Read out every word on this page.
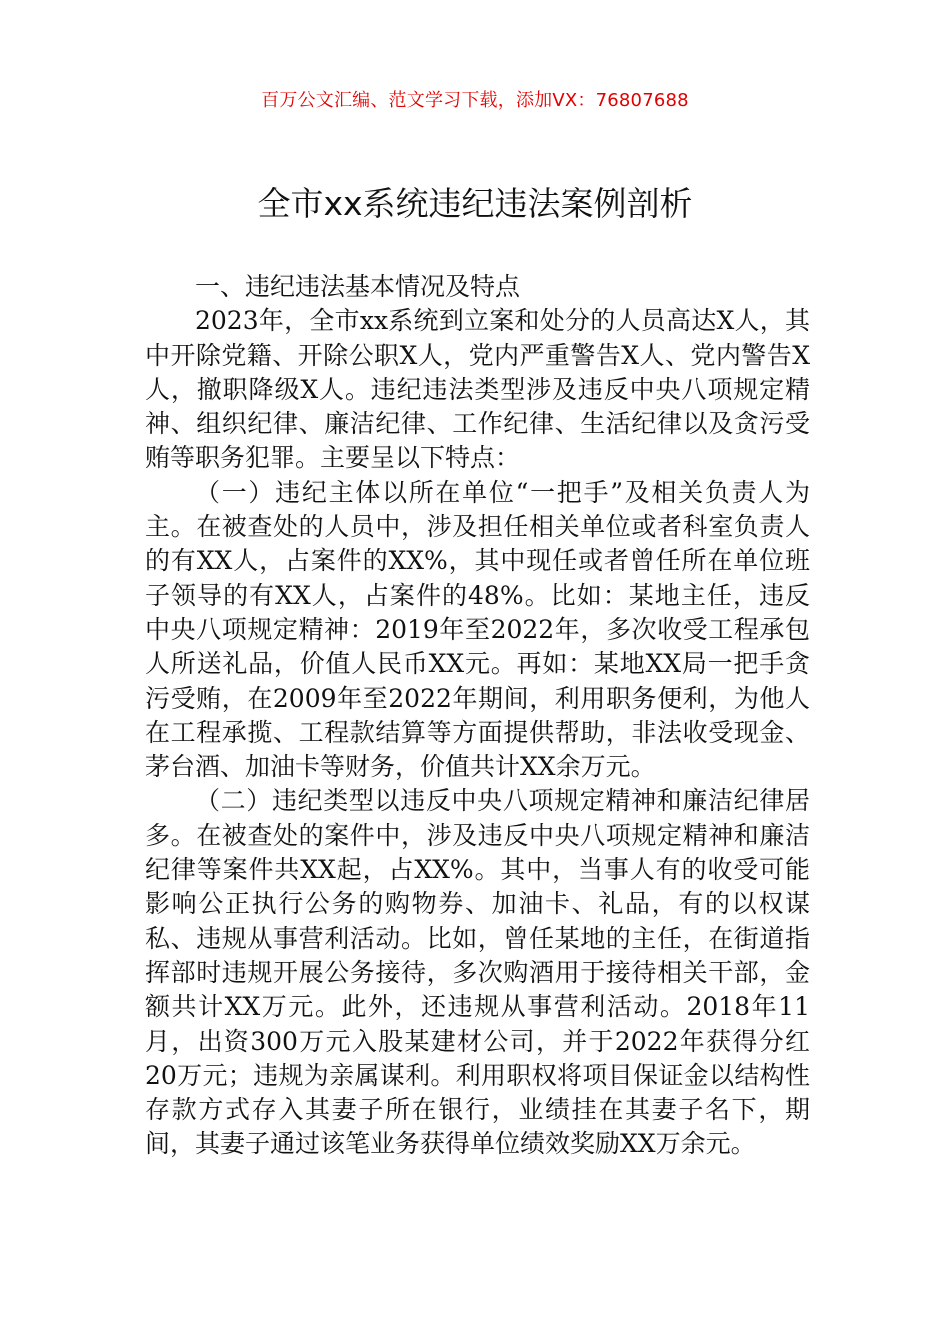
百万公文汇编、范文学习下载，添加VX：76807688
全市xx系统违纪违法案例剖析

一、违纪违法基本情况及特点

2023年，全市xx系统到立案和处分的人员高达X人，其中开除党籍、开除公职X人，党内严重警告X人、党内警告X人，撤职降级X人。违纪违法类型涉及违反中央八项规定精神、组织纪律、廉洁纪律、工作纪律、生活纪律以及贪污受贿等职务犯罪。主要呈以下特点：

（一）违纪主体以所在单位“一把手”及相关负责人为主。在被查处的人员中，涉及担任相关单位或者科室负责人的有XX人，占案件的XX%，其中现任或者曾任所在单位班子领导的有XX人，占案件的48%。比如：某地主任，违反中央八项规定精神：2019年至2022年，多次收受工程承包人所送礼品，价值人民币XX元。再如：某地XX局一把手贪污受贿，在2009年至2022年期间，利用职务便利，为他人在工程承揽、工程款结算等方面提供帮助，非法收受现金、茅台酒、加油卡等财务，价值共计XX余万元。

（二）违纪类型以违反中央八项规定精神和廉洁纪律居多。在被查处的案件中，涉及违反中央八项规定精神和廉洁纪律等案件共XX起，占XX%。其中，当事人有的收受可能影响公正执行公务的购物券、加油卡、礼品，有的以权谋私、违规从事营利活动。比如，曾任某地的主任，在街道指挥部时违规开展公务接待，多次购酒用于接待相关干部，金额共计XX万元。此外，还违规从事营利活动。2018年11月，出资300万元入股某建材公司，并于2022年获得分红20万元；违规为亲属谋利。利用职权将项目保证金以结构性存款方式存入其妻子所在银行，业绩挂在其妻子名下，期间，其妻子通过该笔业务获得单位绩效奖励XX万余元。
